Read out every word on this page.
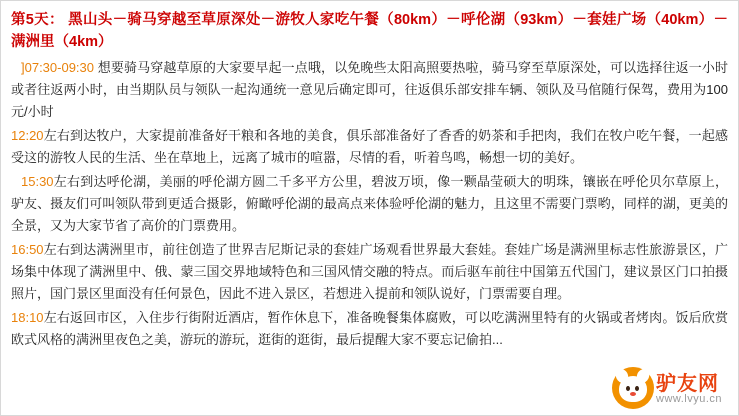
第5天： 黑山头－骑马穿越至草原深处－游牧人家吃午餐（80km）－呼伦湖（93km）－套娃广场（40km）－满洲里（4km）

]07:30-09:30 想要骑马穿越草原的大家要早起一点哦，以免晚些太阳高照要热啦，骑马穿至草原深处，可以选择往返一小时或者往返两小时，由当期队员与领队一起沟通统一意见后确定即可，往返俱乐部安排车辆、领队及马倌随行保驾，费用为100元/小时

12:20左右到达牧户，大家提前准备好干粮和各地的美食，俱乐部准备好了香香的奶茶和手把肉，我们在牧户吃午餐，一起感受这的游牧人民的生活、坐在草地上，远离了城市的喧嚣，尽情的看，听着鸟鸣，畅想一切的美好。

15:30左右到达呼伦湖，美丽的呼伦湖方圆二千多平方公里，碧波万顷，像一颗晶莹硕大的明珠，镶嵌在呼伦贝尔草原上，驴友、摄友们可叫领队带到更适合摄影，俯瞰呼伦湖的最高点来体验呼伦湖的魅力，且这里不需要门票哟，同样的湖，更美的全景，又为大家节省了高价的门票费用。

16:50左右到达满洲里市，前往创造了世界吉尼斯记录的套娃广场观看世界最大套娃。套娃广场是满洲里标志性旅游景区，广场集中体现了满洲里中、俄、蒙三国交界地域特色和三国风情交融的特点。而后驱车前往中国第五代国门，建议景区门口拍摄照片，国门景区里面没有任何景色，因此不进入景区，若想进入提前和领队说好，门票需要自理。

18:10左右返回市区，入住步行街附近酒店，暂作休息下，准备晚餐集体腐败，可以吃满洲里特有的火锅或者烤肉。饭后欣赏欧式风格的满洲里夜色之美，游玩的游玩，逛街的逛街，最后提醒大家不要忘记偷拍...

驴友网
www.lvyu.cn
